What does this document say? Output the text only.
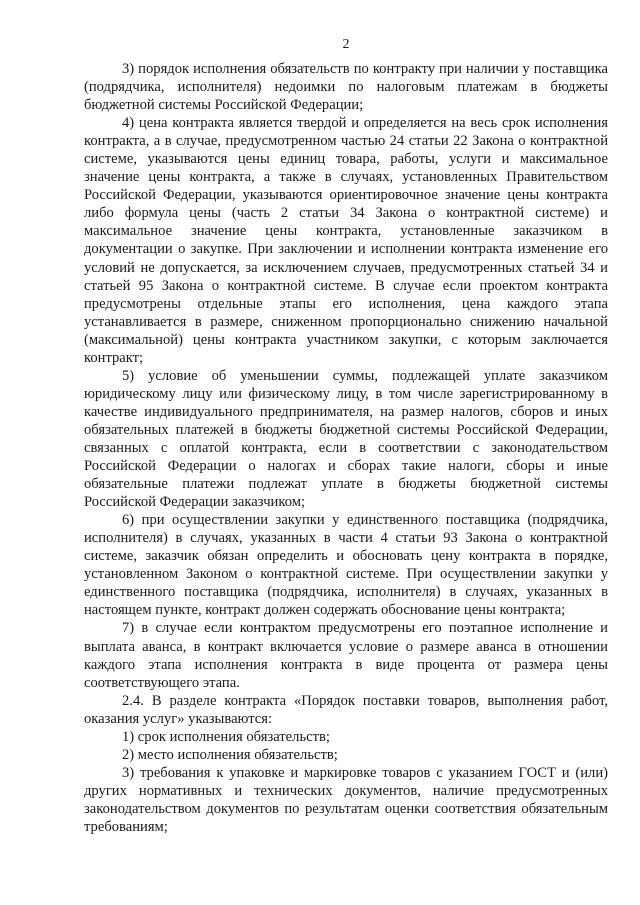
2

3) порядок исполнения обязательств по контракту при наличии у поставщика (подрядчика, исполнителя) недоимки по налоговым платежам в бюджеты бюджетной системы Российской Федерации;

4) цена контракта является твердой и определяется на весь срок исполнения контракта, а в случае, предусмотренном частью 24 статьи 22 Закона о контрактной системе, указываются цены единиц товара, работы, услуги и максимальное значение цены контракта, а также в случаях, установленных Правительством Российской Федерации, указываются ориентировочное значение цены контракта либо формула цены (часть 2 статьи 34 Закона о контрактной системе) и максимальное значение цены контракта, установленные заказчиком в документации о закупке. При заключении и исполнении контракта изменение его условий не допускается, за исключением случаев, предусмотренных статьей 34 и статьей 95 Закона о контрактной системе. В случае если проектом контракта предусмотрены отдельные этапы его исполнения, цена каждого этапа устанавливается в размере, сниженном пропорционально снижению начальной (максимальной) цены контракта участником закупки, с которым заключается контракт;

5) условие об уменьшении суммы, подлежащей уплате заказчиком юридическому лицу или физическому лицу, в том числе зарегистрированному в качестве индивидуального предпринимателя, на размер налогов, сборов и иных обязательных платежей в бюджеты бюджетной системы Российской Федерации, связанных с оплатой контракта, если в соответствии с законодательством Российской Федерации о налогах и сборах такие налоги, сборы и иные обязательные платежи подлежат уплате в бюджеты бюджетной системы Российской Федерации заказчиком;

6) при осуществлении закупки у единственного поставщика (подрядчика, исполнителя) в случаях, указанных в части 4 статьи 93 Закона о контрактной системе, заказчик обязан определить и обосновать цену контракта в порядке, установленном Законом о контрактной системе. При осуществлении закупки у единственного поставщика (подрядчика, исполнителя) в случаях, указанных в настоящем пункте, контракт должен содержать обоснование цены контракта;

7) в случае если контрактом предусмотрены его поэтапное исполнение и выплата аванса, в контракт включается условие о размере аванса в отношении каждого этапа исполнения контракта в виде процента от размера цены соответствующего этапа.

2.4. В разделе контракта «Порядок поставки товаров, выполнения работ, оказания услуг» указываются:

1) срок исполнения обязательств;

2) место исполнения обязательств;

3) требования к упаковке и маркировке товаров с указанием ГОСТ и (или) других нормативных и технических документов, наличие предусмотренных законодательством документов по результатам оценки соответствия обязательным требованиям;
